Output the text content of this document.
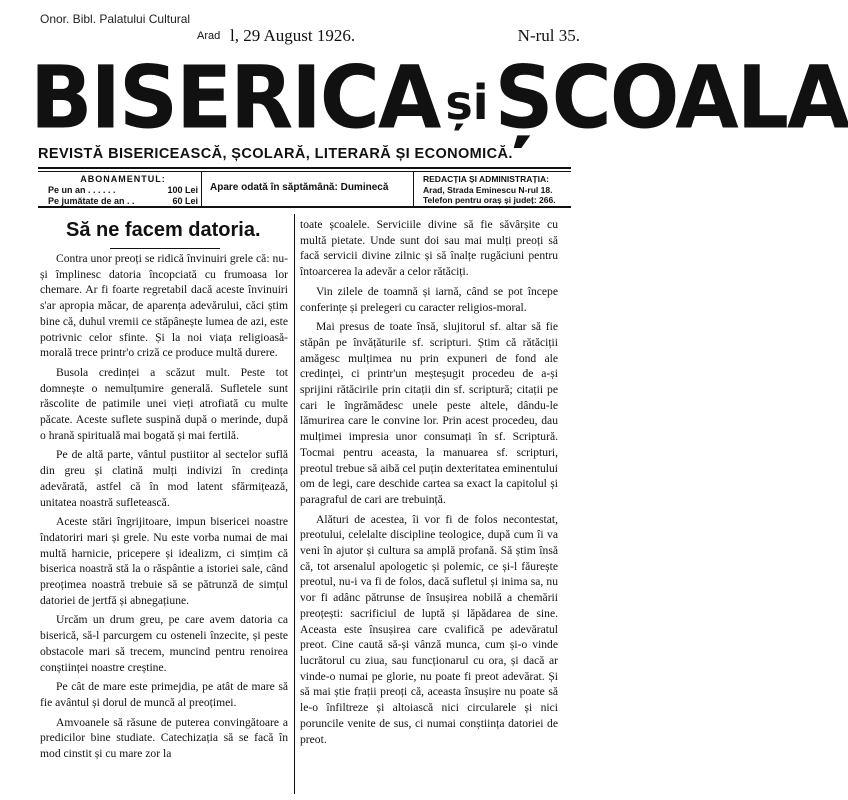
Onor. Bibl. Palatului Cultural
Arad l, 29 August 1926.	N-rul 35.
BISERICA șiȘCOALA
REVISTĂ BISERICEASCĂ, ȘCOLARĂ, LITERARĂ ȘI ECONOMICĂ.
ABONAMENTUL:
Pe un an . . . . . .	100 Lei
Pe jumătate de an . .	60 Lei
Apare odată în săptămână: Duminecă
REDACȚIA ȘI ADMINISTRAȚIA:
Arad, Strada Eminescu N-rul 18.
Telefon pentru oraș și județ: 266.
Să ne facem datoria.

Contra unor preoți se ridică învinuiri grele că: nu-și împlinesc datoria încopciată cu frumoasa lor chemare. Ar fi foarte regretabil dacă aceste învinuiri s'ar apropia măcar, de aparența adevărului, căci știm bine că, duhul vremii ce stăpânește lumea de azi, este potrivnic celor sfinte. Și la noi viața religioasă-morală trece printr'o criză ce produce multă durere.

Busola credinței a scăzut mult. Peste tot domnește o nemulțumire generală. Sufletele sunt răscolite de patimile unei vieți atrofiată cu multe păcate. Aceste suflete suspină după o merinde, după o hrană spirituală mai bogată și mai fertilă.

Pe de altă parte, vântul pustiitor al sectelor suflă din greu și clatină mulți indivizi în credința adevărată, astfel că în mod latent sfărmițează, unitatea noastră sufletească.

Aceste stări îngrijitoare, impun bisericei noastre îndatoriri mari și grele. Nu este vorba numai de mai multă harnicie, pricepere și idealizm, ci simțim că biserica noastră stă la o răspântie a istoriei sale, când preoțimea noastră trebuie să se pătrunză de simțul datoriei de jertfă și abnegațiune.

Urcăm un drum greu, pe care avem datoria ca biserică, să-l parcurgem cu osteneli înzecite, și peste obstacole mari să trecem, muncind pentru renoirea conștiinței noastre creștine.

Pe cât de mare este primejdia, pe atât de mare să fie avântul și dorul de muncă al preoțimei.

Amvoanele să răsune de puterea convingătoare a predicilor bine studiate. Catechizația să se facă în mod cinstit și cu mare zor la

toate școalele. Serviciile divine să fie săvârșite cu multă pietate. Unde sunt doi sau mai mulți preoți să facă servicii divine zilnic și să înalțe rugăciuni pentru întoarcerea la adevăr a celor rătăciți.

Vin zilele de toamnă și iarnă, când se pot începe conferințe și prelegeri cu caracter religios-moral.

Mai presus de toate însă, slujitorul sf. altar să fie stăpân pe învățăturile sf. scripturi. Știm că rătăciții amăgesc mulțimea nu prin expuneri de fond ale credinței, ci printr'un meșteșugit procedeu de a-și sprijini rătăcirile prin citații din sf. scriptură; citații pe cari le îngrămădesc unele peste altele, dându-le lămurirea care le convine lor. Prin acest procedeu, dau mulțimei impresia unor consumați în sf. Scriptură. Tocmai pentru aceasta, la manuarea sf. scripturi, preotul trebue să aibă cel puțin dexteritatea eminentului om de legi, care deschide cartea sa exact la capitolul și paragraful de cari are trebuință.

Alături de acestea, îi vor fi de folos necontestat, preotului, celelalte discipline teologice, după cum îi va veni în ajutor și cultura sa amplă profană. Să știm însă că, tot arsenalul apologetic și polemic, ce și-l făurește preotul, nu-i va fi de folos, dacă sufletul și inima sa, nu vor fi adânc pătrunse de însușirea nobilă a chemării preoțești: sacrificiul de luptă și lăpădarea de sine. Aceasta este însușirea care cvalifică pe adevăratul preot. Cine caută să-și vânză munca, cum și-o vinde lucrătorul cu ziua, sau funcționarul cu ora, și dacă ar vinde-o numai pe glorie, nu poate fi preot adevărat. Și să mai știe frații preoți că, aceasta însușire nu poate să le-o înfiltreze și altoiască nici circularele și nici poruncile venite de sus, ci numai conștiința datoriei de preot.
